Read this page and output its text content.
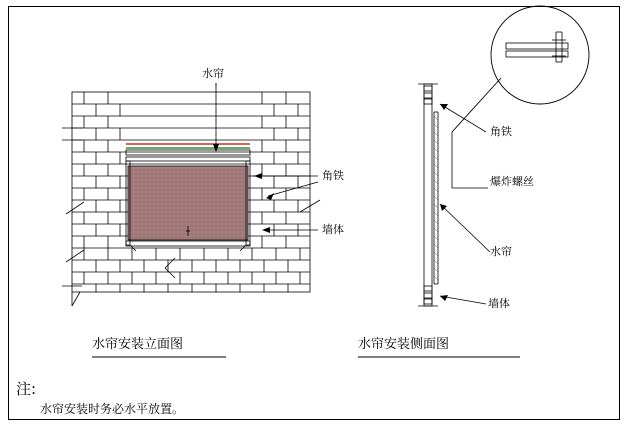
水帘
角铁
墙体
水帘安装立面图
角铁
爆炸螺丝
水帘
墙体
水帘安装侧面图
注:
水帘安装时务必水平放置。
